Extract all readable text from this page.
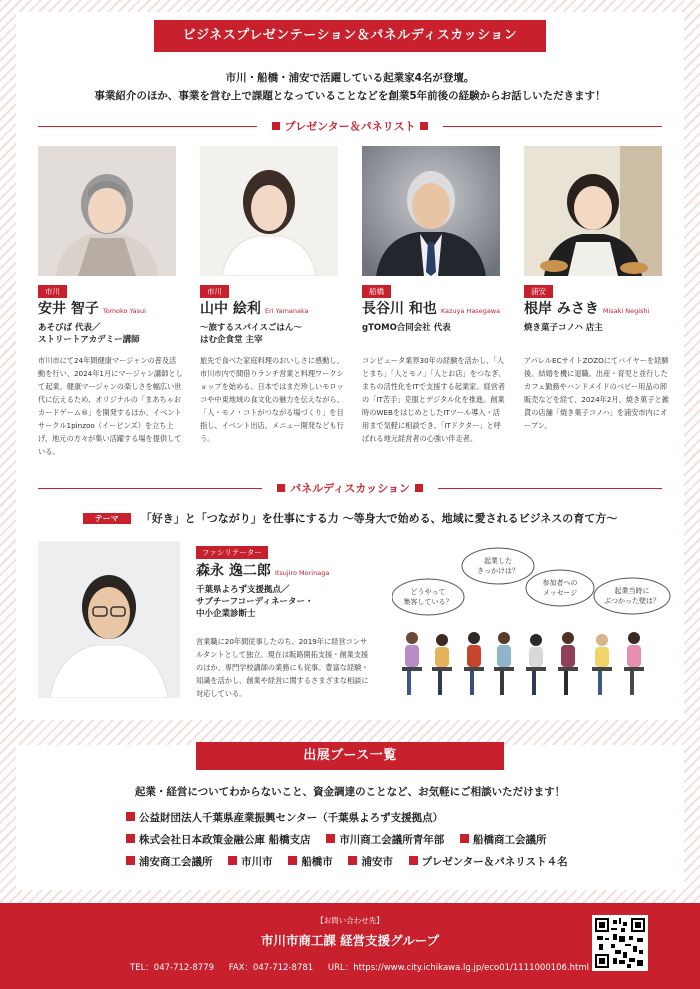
ビジネスプレゼンテーション＆パネルディスカッション
市川・船橋・浦安で活躍している起業家4名が登壇。
事業紹介のほか、事業を営む上で課題となっていることなどを創業5年前後の経験からお話しいただきます！
プレゼンター＆パネリスト
市川
安井 智子 Tomoko Yasui
あそびば 代表／
ストリートアカデミー講師
市川市にて24年間健康マージャンの普及活動を行い、2024年1月にマージャン講師として起業。健康マージャンの楽しさを幅広い世代に伝えるため、オリジナルの「まあちゃおカードゲーム®」を開発するほか、イベントサークル1pinzoo（イーピンズ）を立ち上げ、地元の方々が集い活躍する場を提供している。
市川
山中 絵利 Eri Yamanaka
～旅するスパイスごはん～
はむ企食堂 主宰
旅先で食べた家庭料理のおいしさに感動し、市川市内で間借りランチ営業と料理ワークショップを始める。日本ではまだ珍しいモロッコや中東地域の食文化の魅力を伝えながら、「人・モノ・コトがつながる場づくり」を目指し、イベント出店、メニュー開発なども行う。
船橋
長谷川 和也 Kazuya Hasegawa
gTOMO合同会社 代表
コンピュータ業界30年の経験を活かし、「人とまち」「人とモノ」「人とお店」をつなぎ、まちの活性化をITで支援する起業家。経営者の「IT苦手」克服とデジタル化を推進。創業時のWEBをはじめとしたITツール導入・活用まで気軽に相談でき、「ITドクター」と呼ばれる地元経営者の心強い伴走者。
浦安
根岸 みさき Misaki Negishi
焼き菓子コノハ 店主
アパレルECサイトZOZOにてバイヤーを経験後、結婚を機に退職。出産・育児と並行したカフェ勤務やハンドメイドのベビー用品の卸販売などを経て、2024年2月、焼き菓子と雑貨の店舗「焼き菓子コノハ」を浦安市内にオープン。
パネルディスカッション
テーマ 「好き」と「つながり」を仕事にする力 ～等身大で始める、地域に愛されるビジネスの育て方～
ファシリテーター
森永 逸二郎 Itsujiro Morinaga
千葉県よろず支援拠点／
サブチーフコーディネーター・
中小企業診断士
営業職に20年間従事したのち、2019年に経営コンサルタントとして独立。現在は販路開拓支援・創業支援のほか、専門学校講師の業務にも従事。豊富な経験・知識を活かし、創業や経営に関するさまざまな相談に対応している。
起業した
きっかけは？
どうやって
集客している？
参加者への
メッセージ	起業当時に
ぶつかった壁は？
出展ブース一覧
起業・経営についてわからないこと、資金調達のことなど、お気軽にご相談いただけます！
公益財団法人千葉県産業振興センター（千葉県よろず支援拠点）
株式会社日本政策金融公庫 船橋支店	市川商工会議所青年部	船橋商工会議所
浦安商工会議所	市川市	船橋市	浦安市	プレゼンター＆パネリスト４名
【お問い合わせ先】
市川市商工課 経営支援グループ
TEL：047-712-8779 FAX：047-712-8781 URL：https://www.city.ichikawa.lg.jp/eco01/1111000106.html
